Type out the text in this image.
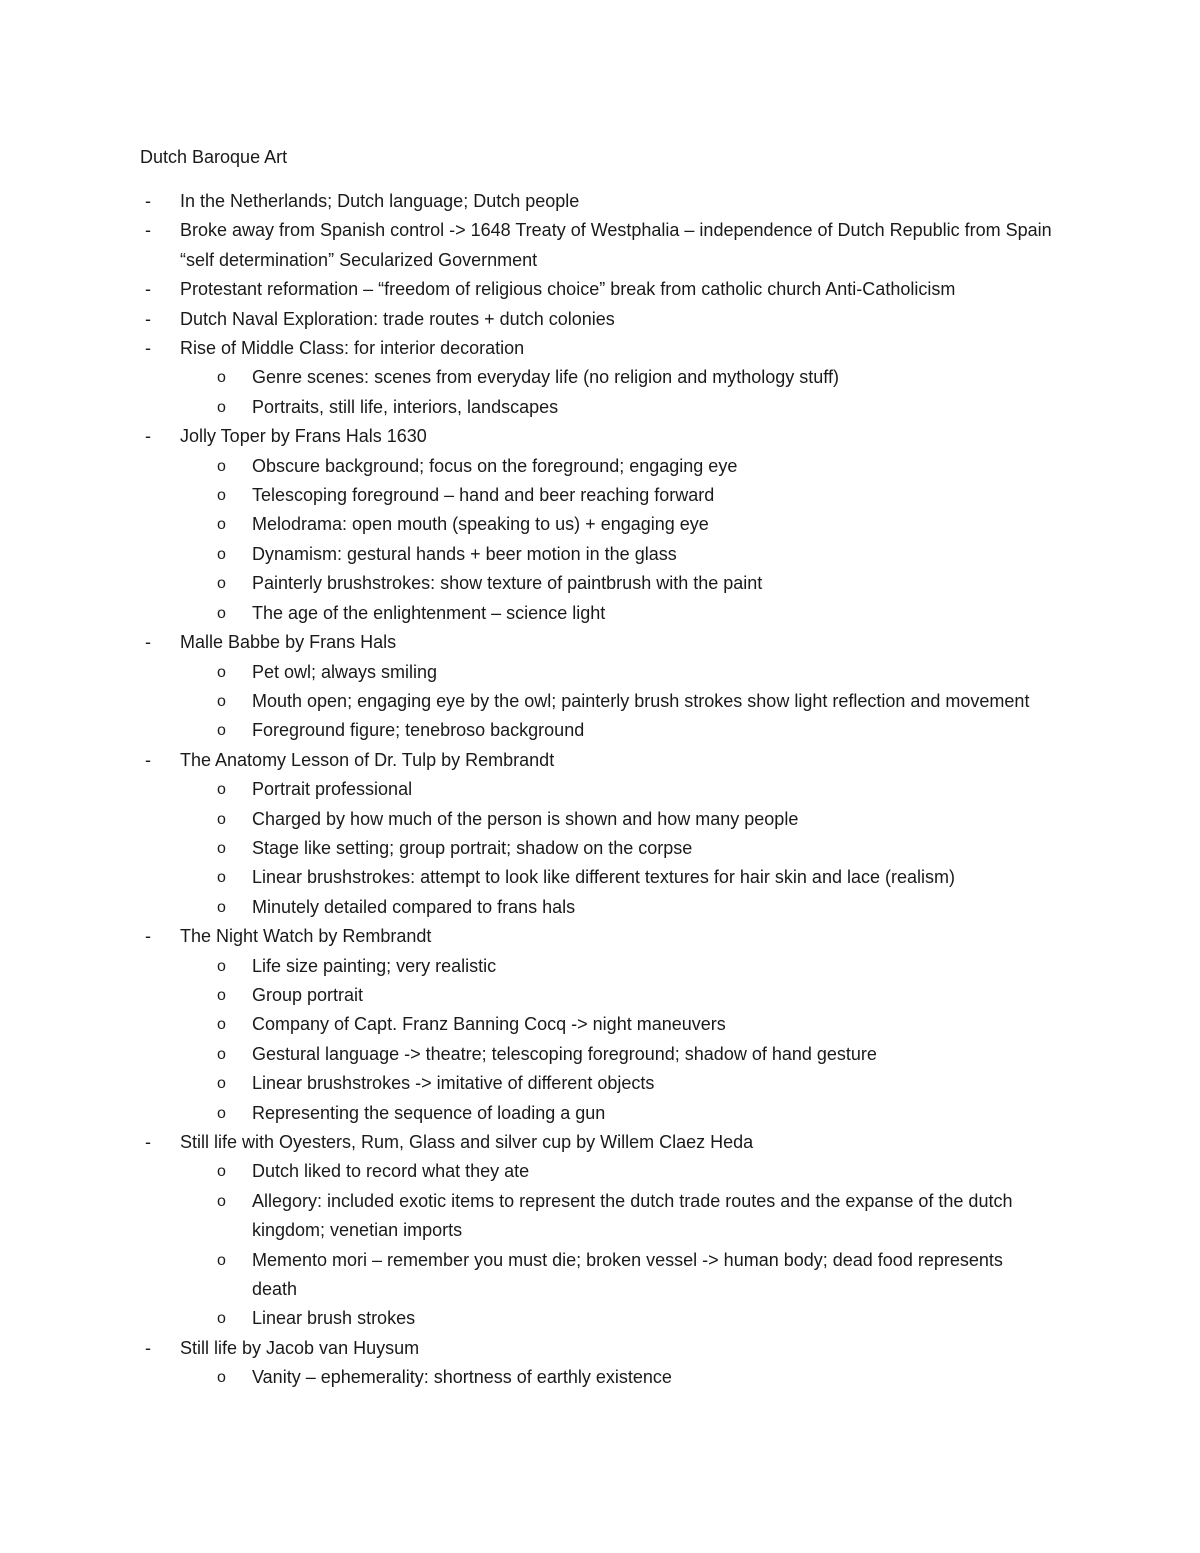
Dutch Baroque Art
- In the Netherlands; Dutch language; Dutch people
- Broke away from Spanish control -> 1648 Treaty of Westphalia – independence of Dutch Republic from Spain “self determination” Secularized Government
- Protestant reformation – “freedom of religious choice” break from catholic church Anti-Catholicism
- Dutch Naval Exploration: trade routes + dutch colonies
- Rise of Middle Class: for interior decoration
o Genre scenes: scenes from everyday life (no religion and mythology stuff)
o Portraits, still life, interiors, landscapes
- Jolly Toper by Frans Hals 1630
o Obscure background; focus on the foreground; engaging eye
o Telescoping foreground – hand and beer reaching forward
o Melodrama: open mouth (speaking to us) + engaging eye
o Dynamism: gestural hands + beer motion in the glass
o Painterly brushstrokes: show texture of paintbrush with the paint
o The age of the enlightenment – science light
- Malle Babbe by Frans Hals
o Pet owl; always smiling
o Mouth open; engaging eye by the owl; painterly brush strokes show light reflection and movement
o Foreground figure; tenebroso background
- The Anatomy Lesson of Dr. Tulp by Rembrandt
o Portrait professional
o Charged by how much of the person is shown and how many people
o Stage like setting; group portrait; shadow on the corpse
o Linear brushstrokes: attempt to look like different textures for hair skin and lace (realism)
o Minutely detailed compared to frans hals
- The Night Watch by Rembrandt
o Life size painting; very realistic
o Group portrait
o Company of Capt. Franz Banning Cocq -> night maneuvers
o Gestural language -> theatre; telescoping foreground; shadow of hand gesture
o Linear brushstrokes -> imitative of different objects
o Representing the sequence of loading a gun
- Still life with Oyesters, Rum, Glass and silver cup by Willem Claez Heda
o Dutch liked to record what they ate
o Allegory: included exotic items to represent the dutch trade routes and the expanse of the dutch kingdom; venetian imports
o Memento mori – remember you must die; broken vessel -> human body; dead food represents death
o Linear brush strokes
- Still life by Jacob van Huysum
o Vanity – ephemerality: shortness of earthly existence
